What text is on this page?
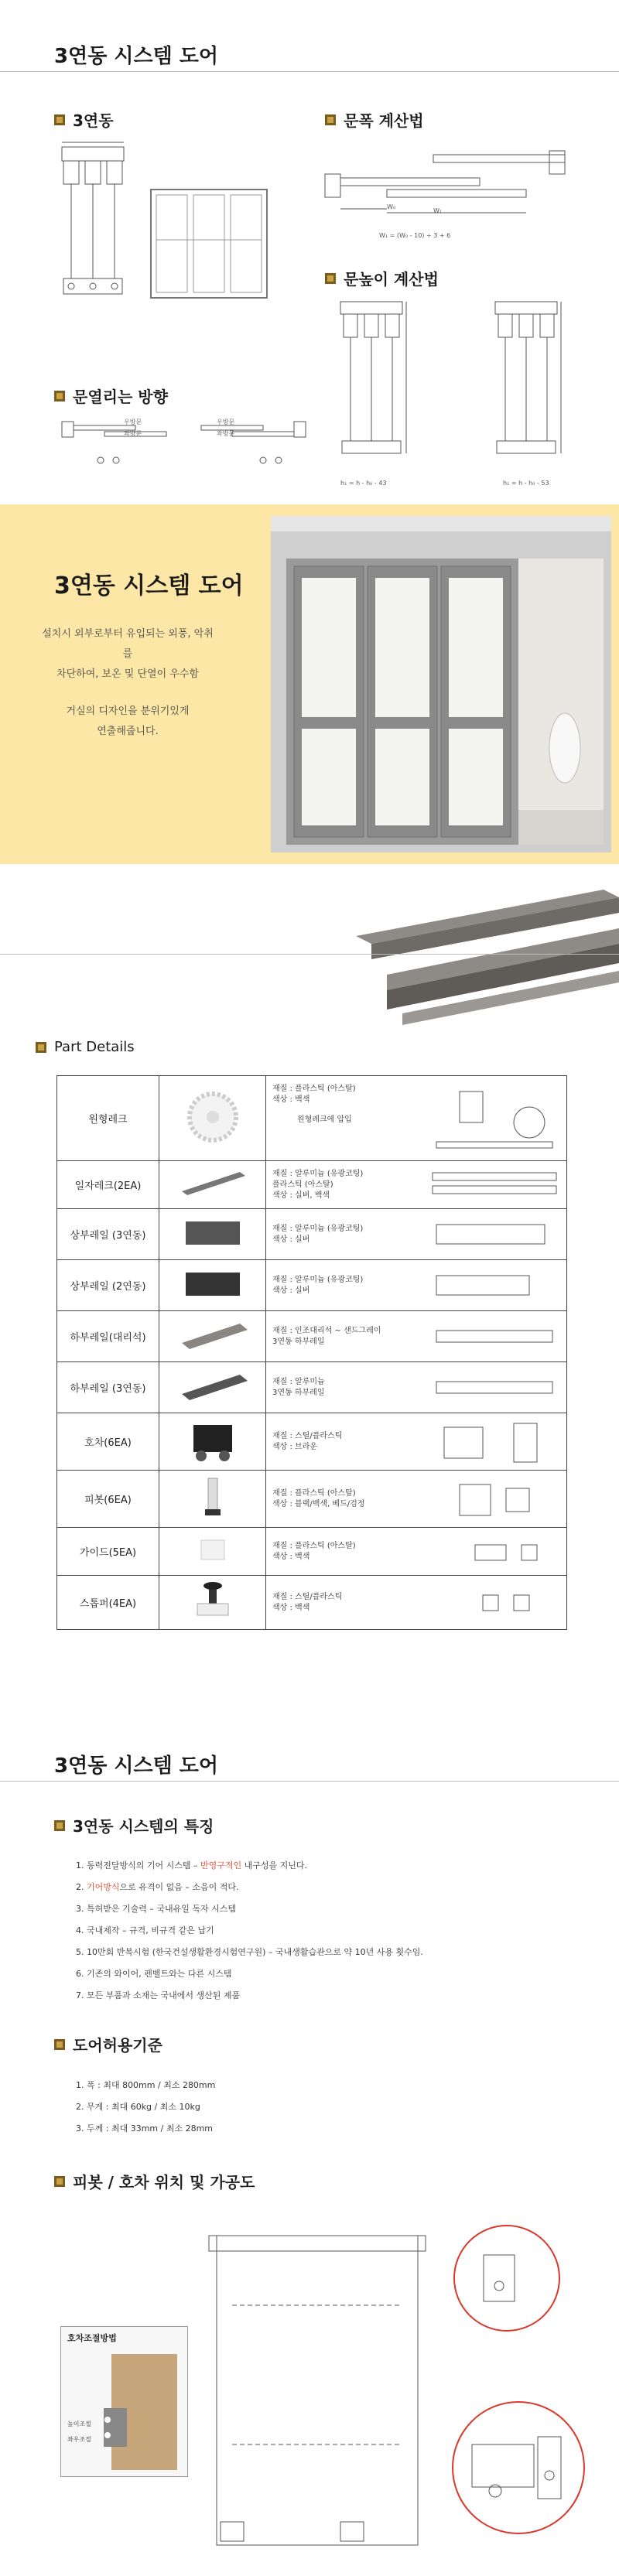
3연동 시스템 도어
3연동	문폭 계산법
문높이 계산법
문열리는 방향
W₀
W₁
W₁ = (W₀ - 10) ÷ 3 + 6
h₁ = h - h₀ - 43	h₁ = h - h₀ - 53
우방문
좌방문
우방문
좌방문
3연동 시스템 도어
설치시 외부로부터 유입되는 외풍, 악취를
차단하여, 보온 및 단열이 우수함
거실의 디자인을 분위기있게
연출해줍니다.
Part Details
원형레크		재질 : 플라스틱 (아스탈)
색상 : 백색
원형레크에 압입

일자레크(2EA)		재질 : 알루미늄 (유광코팅)
플라스틱 (아스탈)
색상 : 실버, 백색

상부레일 (3연동)		재질 : 알루미늄 (유광코팅)
색상 : 실버

상부레일 (2연동)		재질 : 알루미늄 (유광코팅)
색상 : 실버

하부레일(대리석)		재질 : 인조대리석 ~ 샌드그레이
3연동 하부레일

하부레일 (3연동)		재질 : 알루미늄
3연동 하부레일

호차(6EA)		재질 : 스틸/플라스틱
색상 : 브라운

피봇(6EA)		재질 : 플라스틱 (아스탈)
색상 : 블랙/백색, 베드/검정

가이드(5EA)		재질 : 플라스틱 (아스탈)
색상 : 백색

스톱퍼(4EA)		재질 : 스틸/플라스틱
색상 : 백색
3연동 시스템 도어
3연동 시스템의 특징
1. 동력전달방식의 기어 시스템 – 반영구적인 내구성을 지닌다.
2. 기어방식으로 유격이 없음 – 소음이 적다.
3. 특허받은 기술력 – 국내유일 독자 시스템
4. 국내제작 – 규격, 비규격 같은 납기
5. 10만회 반복시험 (한국건설생활환경시험연구원) – 국내생활습관으로 약 10년 사용 횟수임.
6. 기존의 와이어, 펜벨트와는 다른 시스템
7. 모든 부품과 소재는 국내에서 생산된 제품
도어허용기준
1. 폭 : 최대 800mm / 최소 280mm
2. 무게 : 최대 60kg / 최소 10kg
3. 두께 : 최대 33mm / 최소 28mm
피봇 / 호차 위치 및 가공도
호차조절방법
높이조절
좌우조절
